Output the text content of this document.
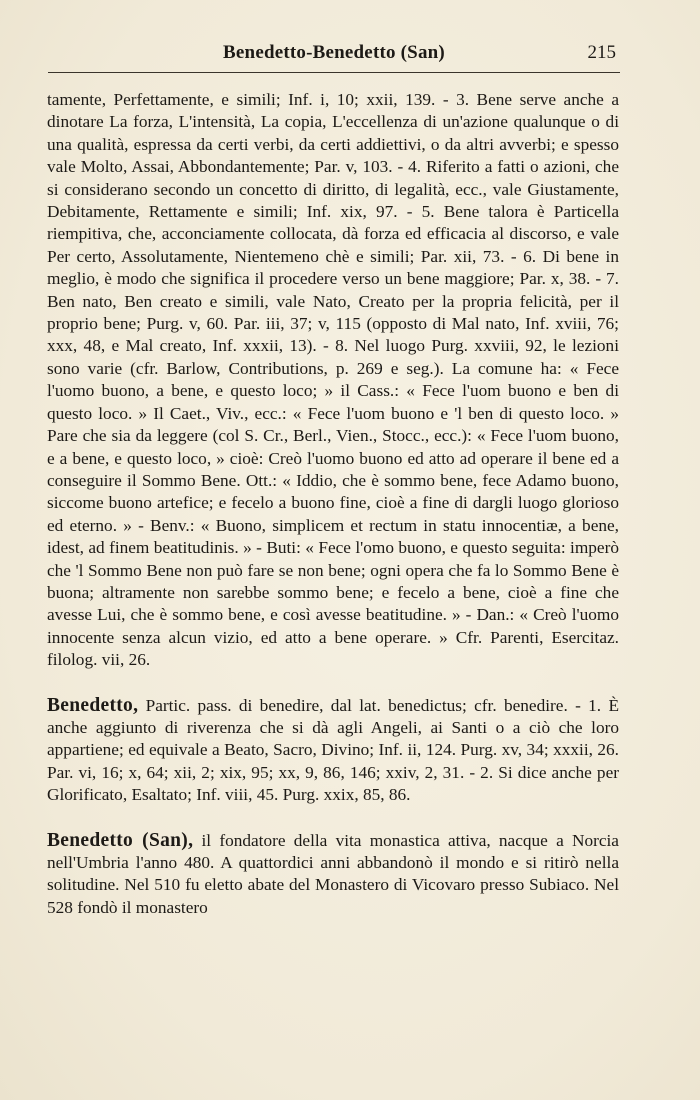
Benedetto-Benedetto (San)	215

tamente, Perfettamente, e simili; Inf. i, 10; xxii, 139. - 3. Bene serve anche a dinotare La forza, L'intensità, La copia, L'eccellenza di un'azione qualunque o di una qualità, espressa da certi verbi, da certi addiettivi, o da altri avverbi; e spesso vale Molto, Assai, Abbondantemente; Par. v, 103. - 4. Riferito a fatti o azioni, che si considerano secondo un concetto di diritto, di legalità, ecc., vale Giustamente, Debitamente, Rettamente e simili; Inf. xix, 97. - 5. Bene talora è Particella riempitiva, che, acconciamente collocata, dà forza ed efficacia al discorso, e vale Per certo, Assolutamente, Nientemeno chè e simili; Par. xii, 73. - 6. Di bene in meglio, è modo che significa il procedere verso un bene maggiore; Par. x, 38. - 7. Ben nato, Ben creato e simili, vale Nato, Creato per la propria felicità, per il proprio bene; Purg. v, 60. Par. iii, 37; v, 115 (opposto di Mal nato, Inf. xviii, 76; xxx, 48, e Mal creato, Inf. xxxii, 13). - 8. Nel luogo Purg. xxviii, 92, le lezioni sono varie (cfr. Barlow, Contributions, p. 269 e seg.). La comune ha: « Fece l'uomo buono, a bene, e questo loco; » il Cass.: « Fece l'uom buono e ben di questo loco. » Il Caet., Viv., ecc.: « Fece l'uom buono e 'l ben di questo loco. » Pare che sia da leggere (col S. Cr., Berl., Vien., Stocc., ecc.): « Fece l'uom buono, e a bene, e questo loco, » cioè: Creò l'uomo buono ed atto ad operare il bene ed a conseguire il Sommo Bene. Ott.: « Iddio, che è sommo bene, fece Adamo buono, siccome buono artefice; e fecelo a buono fine, cioè a fine di dargli luogo glorioso ed eterno. » - Benv.: « Buono, simplicem et rectum in statu innocentiæ, a bene, idest, ad finem beatitudinis. » - Buti: « Fece l'omo buono, e questo seguita: imperò che 'l Sommo Bene non può fare se non bene; ogni opera che fa lo Sommo Bene è buona; altramente non sarebbe sommo bene; e fecelo a bene, cioè a fine che avesse Lui, che è sommo bene, e così avesse beatitudine. » - Dan.: « Creò l'uomo innocente senza alcun vizio, ed atto a bene operare. » Cfr. Parenti, Esercitaz. filolog. vii, 26.

Benedetto, Partic. pass. di benedire, dal lat. benedictus; cfr. benedire. - 1. È anche aggiunto di riverenza che si dà agli Angeli, ai Santi o a ciò che loro appartiene; ed equivale a Beato, Sacro, Divino; Inf. ii, 124. Purg. xv, 34; xxxii, 26. Par. vi, 16; x, 64; xii, 2; xix, 95; xx, 9, 86, 146; xxiv, 2, 31. - 2. Si dice anche per Glorificato, Esaltato; Inf. viii, 45. Purg. xxix, 85, 86.

Benedetto (San), il fondatore della vita monastica attiva, nacque a Norcia nell'Umbria l'anno 480. A quattordici anni abbandonò il mondo e si ritirò nella solitudine. Nel 510 fu eletto abate del Monastero di Vicovaro presso Subiaco. Nel 528 fondò il monastero
